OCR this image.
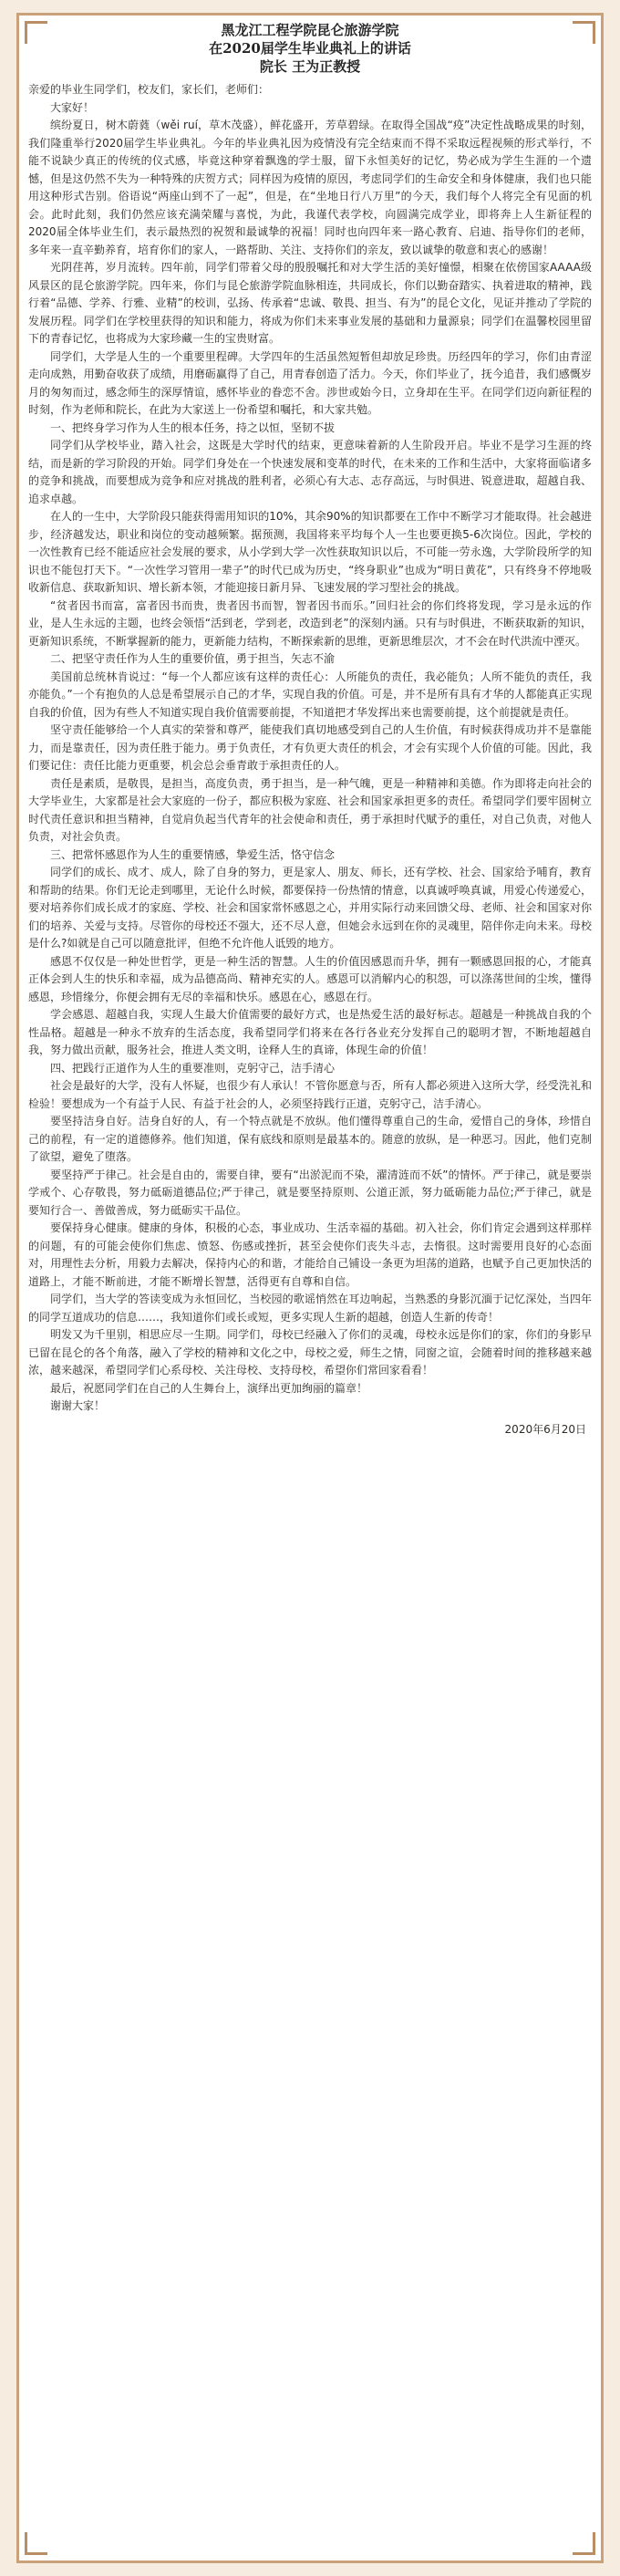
黑龙江工程学院昆仑旅游学院
在2020届学生毕业典礼上的讲话
院长 王为正教授

亲爱的毕业生同学们，校友们，家长们，老师们：

大家好！

缤纷夏日，树木蔚蕤（wěi ruí，草木茂盛），鲜花盛开，芳草碧绿。在取得全国战“疫”决定性战略成果的时刻，我们隆重举行2020届学生毕业典礼。今年的毕业典礼因为疫情没有完全结束而不得不采取远程视频的形式举行，不能不说缺少真正的传统的仪式感，毕竟这种穿着飘逸的学士服，留下永恒美好的记忆，势必成为学生生涯的一个遗憾，但是这仍然不失为一种特殊的庆贺方式；同样因为疫情的原因，考虑同学们的生命安全和身体健康，我们也只能用这种形式告别。俗语说“两座山到不了一起”，但是，在“坐地日行八万里”的今天，我们每个人将完全有见面的机会。此时此刻，我们仍然应该充满荣耀与喜悦，为此，我谨代表学校，向圆满完成学业，即将奔上人生新征程的2020届全体毕业生们，表示最热烈的祝贺和最诚挚的祝福！同时也向四年来一路心教育、启迪、指导你们的老师，多年来一直辛勤养育，培育你们的家人，一路帮助、关注、支持你们的亲友，致以诚挚的敬意和衷心的感谢！

光阴荏苒，岁月流转。四年前，同学们带着父母的殷殷嘱托和对大学生活的美好憧憬，相聚在依傍国家AAAA级风景区的昆仑旅游学院。四年来，你们与昆仑旅游学院血脉相连，共同成长，你们以勤奋踏实、执着进取的精神，践行着“品德、学养、行雅、业精”的校训，弘扬、传承着“忠诚、敬畏、担当、有为”的昆仑文化，见证并推动了学院的发展历程。同学们在学校里获得的知识和能力，将成为你们未来事业发展的基础和力量源泉；同学们在温馨校园里留下的青春记忆，也将成为大家珍藏一生的宝贵财富。

同学们，大学是人生的一个重要里程碑。大学四年的生活虽然短暂但却放足珍贵。历经四年的学习，你们由青涩走向成熟，用勤奋收获了成绩，用磨砺赢得了自己，用青春创造了活力。今天，你们毕业了，抚今追昔，我们感慨岁月的匆匆而过，感念师生的深厚情谊，感怀毕业的眷恋不舍。涉世或始今日，立身却在生平。在同学们迈向新征程的时刻，作为老师和院长，在此为大家送上一份希望和嘱托，和大家共勉。

一、把终身学习作为人生的根本任务，持之以恒，坚韧不拔

同学们从学校毕业，踏入社会，这既是大学时代的结束，更意味着新的人生阶段开启。毕业不是学习生涯的终结，而是新的学习阶段的开始。同学们身处在一个快速发展和变革的时代，在未来的工作和生活中，大家将面临诸多的竞争和挑战，而要想成为竞争和应对挑战的胜利者，必须心有大志、志存高远，与时俱进、锐意进取，超越自我、追求卓越。

在人的一生中，大学阶段只能获得需用知识的10%，其余90%的知识都要在工作中不断学习才能取得。社会越进步，经济越发达，职业和岗位的变动越频繁。据预测，我国将来平均每个人一生也要更换5-6次岗位。因此，学校的一次性教育已经不能适应社会发展的要求，从小学到大学一次性获取知识以后，不可能一劳永逸，大学阶段所学的知识也不能包打天下。“一次性学习管用一辈子”的时代已成为历史，“终身职业”也成为“明日黄花”，只有终身不停地吸收新信息、获取新知识、增长新本领，才能迎接日新月异、飞速发展的学习型社会的挑战。

“贫者因书而富，富者因书而贵，贵者因书而智，智者因书而乐。”回归社会的你们终将发现，学习是永远的作业，是人生永远的主题，也终会领悟“活到老，学到老，改造到老”的深刻内涵。只有与时俱进，不断获取新的知识，更新知识系统，不断掌握新的能力，更新能力结构，不断探索新的思维，更新思维层次，才不会在时代洪流中湮灭。

二、把坚守责任作为人生的重要价值，勇于担当，矢志不渝

美国前总统林肯说过：“每一个人都应该有这样的责任心：人所能负的责任，我必能负；人所不能负的责任，我亦能负。”一个有抱负的人总是希望展示自己的才华，实现自我的价值。可是，并不是所有具有才华的人都能真正实现自我的价值，因为有些人不知道实现自我价值需要前提，不知道把才华发挥出来也需要前提，这个前提就是责任。

坚守责任能够给一个人真实的荣誉和尊严，能使我们真切地感受到自己的人生价值，有时候获得成功并不是靠能力，而是靠责任，因为责任胜于能力。勇于负责任，才有负更大责任的机会，才会有实现个人价值的可能。因此，我们要记住：责任比能力更重要，机会总会垂青敢于承担责任的人。

责任是素质，是敬畏，是担当，高度负责，勇于担当，是一种气魄，更是一种精神和美德。作为即将走向社会的大学毕业生，大家都是社会大家庭的一份子，都应积极为家庭、社会和国家承担更多的责任。希望同学们要牢固树立时代责任意识和担当精神，自觉肩负起当代青年的社会使命和责任，勇于承担时代赋予的重任，对自己负责，对他人负责，对社会负责。

三、把常怀感恩作为人生的重要情感，挚爱生活，恪守信念

同学们的成长、成才、成人，除了自身的努力，更是家人、朋友、师长，还有学校、社会、国家给予哺育，教育和帮助的结果。你们无论走到哪里，无论什么时候，都要保持一份热情的情意，以真诚呼唤真诚，用爱心传递爱心，要对培养你们成长成才的家庭、学校、社会和国家常怀感恩之心，并用实际行动来回馈父母、老师、社会和国家对你们的培养、关爱与支持。尽管你的母校还不强大，还不尽人意，但她会永远到在你的灵魂里，陪伴你走向未来。母校是什么?如就是自己可以随意批评，但绝不允许他人诋毁的地方。

感恩不仅仅是一种处世哲学，更是一种生活的智慧。人生的价值因感恩而升华，拥有一颗感恩回报的心，才能真正体会到人生的快乐和幸福，成为品德高尚、精神充实的人。感恩可以消解内心的积怨，可以涤荡世间的尘埃，懂得感恩，珍惜缘分，你便会拥有无尽的幸福和快乐。感恩在心，感恩在行。

学会感恩、超越自我，实现人生最大价值需要的最好方式，也是热爱生活的最好标志。超越是一种挑战自我的个性品格。超越是一种永不放弃的生活态度，我希望同学们将来在各行各业充分发挥自己的聪明才智，不断地超越自我，努力做出贡献，服务社会，推进人类文明，诠释人生的真谛，体现生命的价值！

四、把践行正道作为人生的重要准则，克躬守己，洁手清心

社会是最好的大学，没有人怀疑，也很少有人承认！不管你愿意与否，所有人都必须进入这所大学，经受洗礼和检验！要想成为一个有益于人民、有益于社会的人，必须坚持践行正道，克躬守己，洁手清心。

要坚持洁身自好。洁身自好的人，有一个特点就是不放纵。他们懂得尊重自己的生命，爱惜自己的身体，珍惜自己的前程，有一定的道德修养。他们知道，保有底线和原则是最基本的。随意的放纵，是一种恶习。因此，他们克制了欲望，避免了堕落。

要坚持严于律己。社会是自由的，需要自律，要有“出淤泥而不染，濯清涟而不妖”的情怀。严于律己，就是要崇学戒个、心存敬畏，努力砥砺道德品位;严于律己，就是要坚持原则、公道正派，努力砥砺能力品位;严于律己，就是要知行合一、善做善成，努力砥砺实干品位。

要保持身心健康。健康的身体，积极的心态，事业成功、生活幸福的基础。初入社会，你们肯定会遇到这样那样的问题，有的可能会使你们焦虑、愤怒、伤感或挫折，甚至会使你们丧失斗志，去惰很。这时需要用良好的心态面对，用理性去分析，用毅力去解决，保持内心的和谐，才能给自己铺设一条更为坦荡的道路，也赋予自己更加快活的道路上，才能不断前进，才能不断增长智慧，活得更有自尊和自信。

同学们，当大学的答读变成为永恒回忆，当校园的歌谣悄然在耳边响起，当熟悉的身影沉湎于记忆深处，当四年的同学互道成功的信息……，我知道你们或长或短，更多实现人生新的超越，创造人生新的传奇！

明发又为千里别，相思应尽一生期。同学们，母校已经融入了你们的灵魂，母校永远是你们的家，你们的身影早已留在昆仑的各个角落，融入了学校的精神和文化之中，母校之爱，师生之情，同窗之谊，会随着时间的推移越来越浓，越来越深，希望同学们心系母校、关注母校、支持母校，希望你们常回家看看！

最后，祝愿同学们在自己的人生舞台上，演绎出更加绚丽的篇章！

谢谢大家！

2020年6月20日
